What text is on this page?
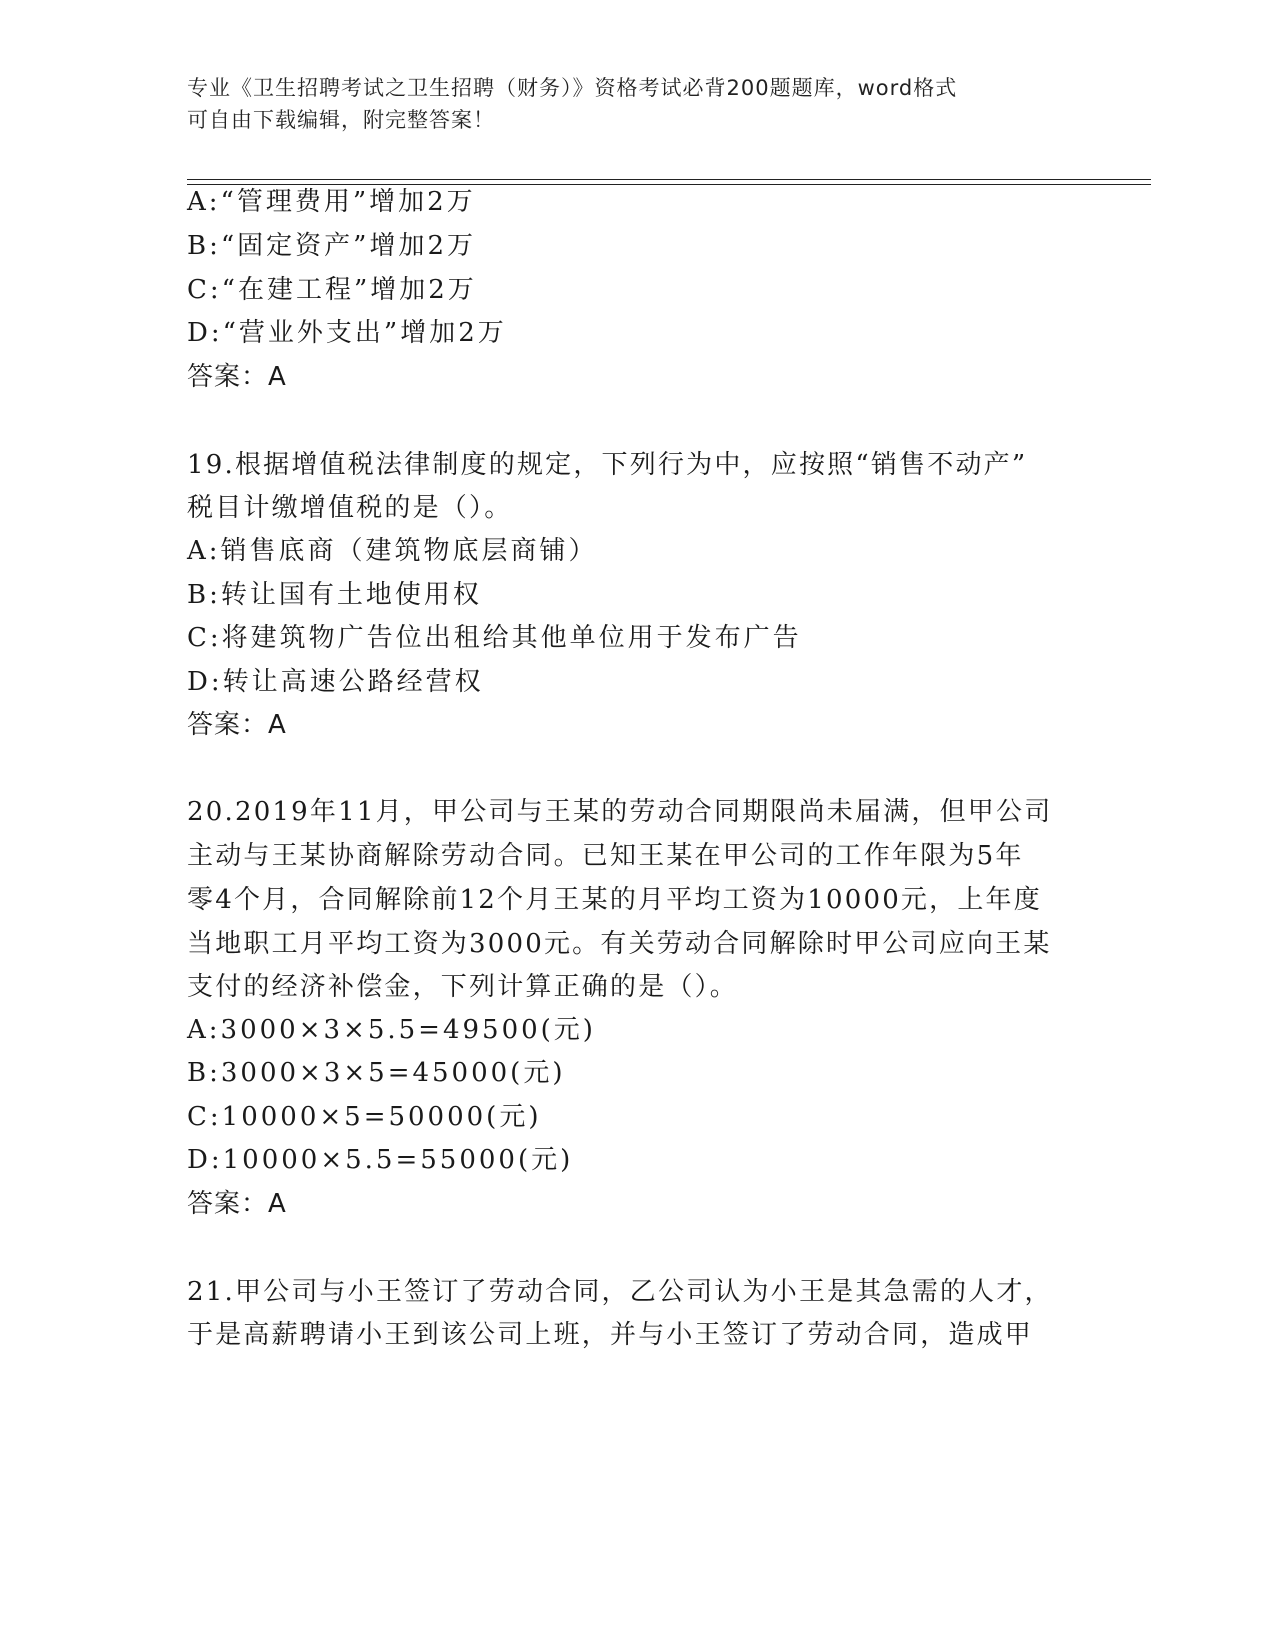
专业《卫生招聘考试之卫生招聘（财务）》资格考试必背200题题库，word格式
可自由下载编辑，附完整答案！
A:“管理费用”增加2万
B:“固定资产”增加2万
C:“在建工程”增加2万
D:“营业外支出”增加2万
答案：A
19.根据增值税法律制度的规定，下列行为中，应按照“销售不动产”
税目计缴增值税的是（）。
A:销售底商（建筑物底层商铺）
B:转让国有土地使用权
C:将建筑物广告位出租给其他单位用于发布广告
D:转让高速公路经营权
答案：A
20.2019年11月，甲公司与王某的劳动合同期限尚未届满，但甲公司
主动与王某协商解除劳动合同。已知王某在甲公司的工作年限为5年
零4个月，合同解除前12个月王某的月平均工资为10000元，上年度
当地职工月平均工资为3000元。有关劳动合同解除时甲公司应向王某
支付的经济补偿金，下列计算正确的是（）。
A:3000×3×5.5=49500(元)
B:3000×3×5=45000(元)
C:10000×5=50000(元)
D:10000×5.5=55000(元)
答案：A
21.甲公司与小王签订了劳动合同，乙公司认为小王是其急需的人才，
于是高薪聘请小王到该公司上班，并与小王签订了劳动合同，造成甲
